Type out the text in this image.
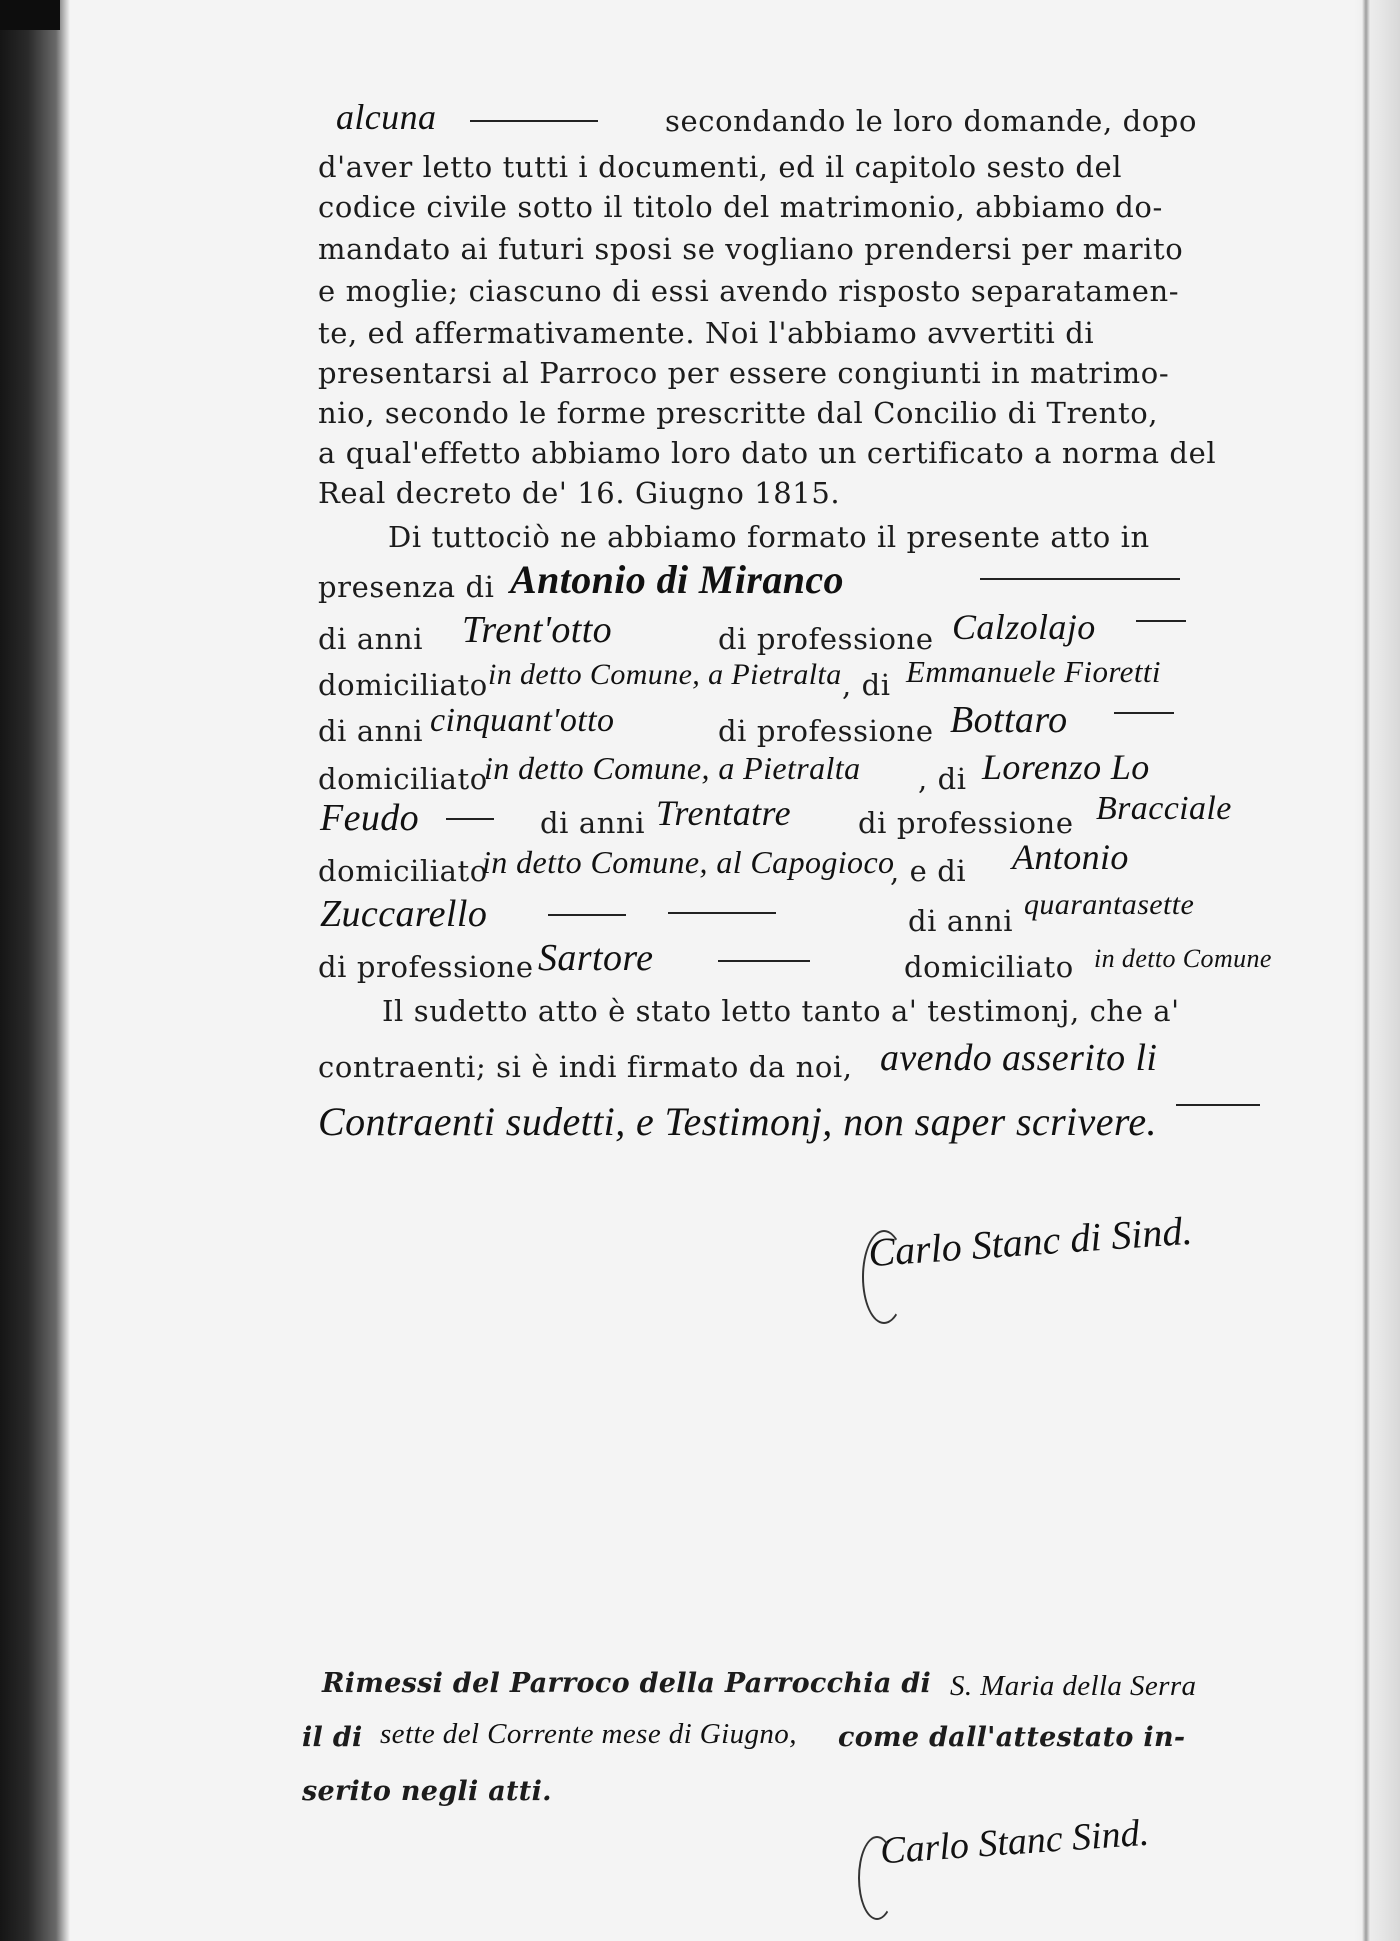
alcuna	secondando le loro domande, dopo
d'aver letto tutti i documenti, ed il capitolo sesto del
codice civile sotto il titolo del matrimonio, abbiamo do-
mandato ai futuri sposi se vogliano prendersi per marito
e moglie; ciascuno di essi avendo risposto separatamen-
te, ed affermativamente. Noi l'abbiamo avvertiti di
presentarsi al Parroco per essere congiunti in matrimo-
nio, secondo le forme prescritte dal Concilio di Trento,
a qual'effetto abbiamo loro dato un certificato a norma del
Real decreto de' 16. Giugno 1815.
Di tuttociò ne abbiamo formato il presente atto in
presenza di Antonio di Miranco
di anni Trent'otto	di professione Calzolajo
domiciliato in detto Comune, a Pietralta , di Emmanuele Fioretti
di anni cinquant'otto	di professione Bottaro
domiciliato
in detto Comune, a Pietralta , di Lorenzo Lo
Feudo	di anni Trentatre di professione Bracciale
domiciliato
in detto Comune, al Capogioco
, e di Antonio
Zuccarello	di anni quarantasette
di professione Sartore	domiciliato in detto Comune
Il sudetto atto è stato letto tanto a' testimonj, che a'
contraenti; si è indi firmato da noi, avendo asserito li
Contraenti sudetti, e Testimonj, non saper scrivere.
Carlo Stanc di Sind.
Rimessi del Parroco della Parrocchia di S. Maria della Serra
il di sette del Corrente mese di Giugno, come dall'attestato in-
serito negli atti.
Carlo Stanc Sind.
